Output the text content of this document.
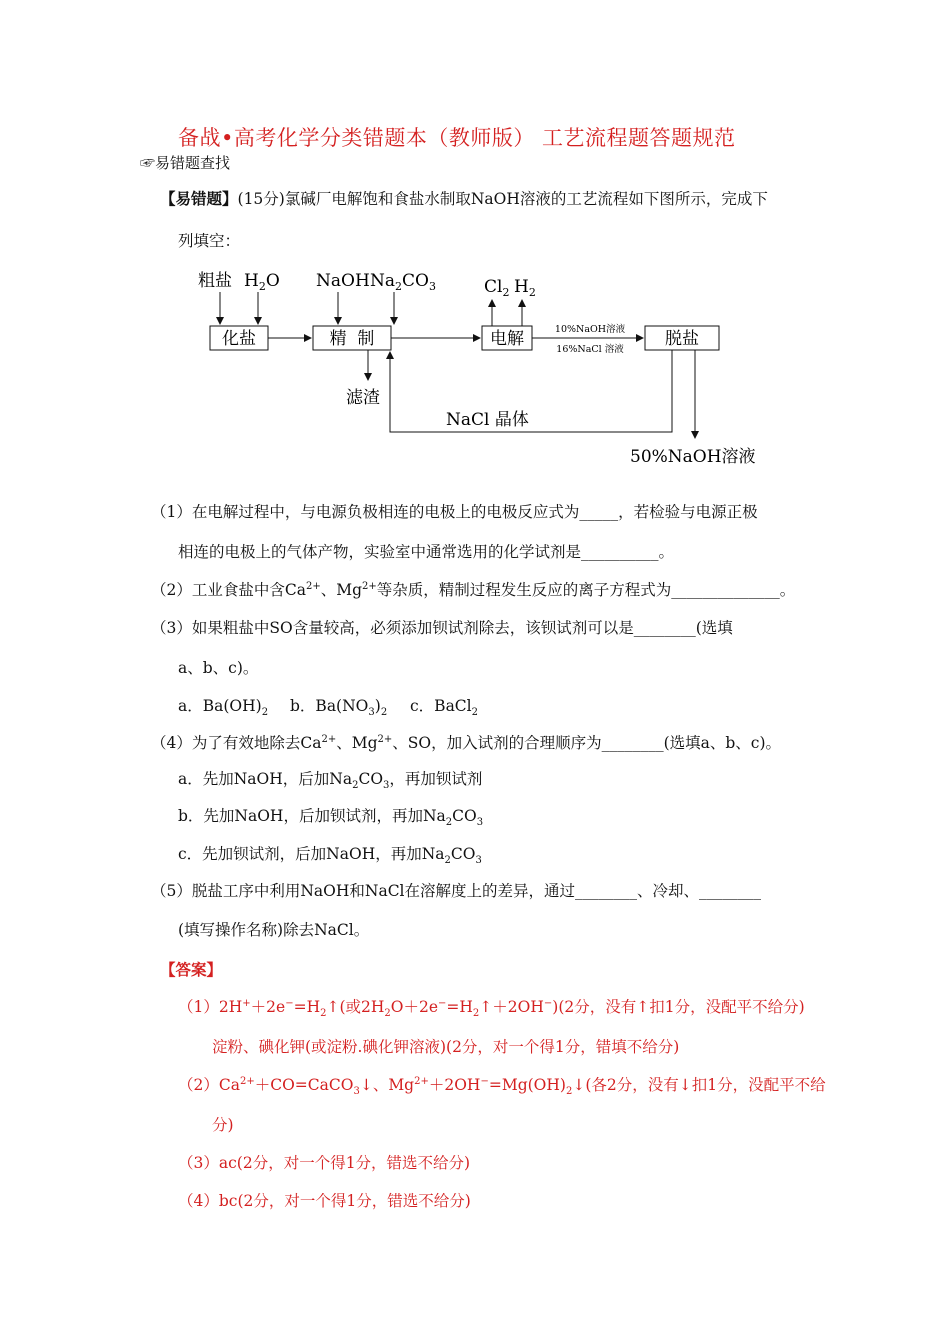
备战•高考化学分类错题本（教师版） 工艺流程题答题规范
☞易错题查找
【易错题】(15分)氯碱厂电解饱和食盐水制取NaOH溶液的工艺流程如下图所示，完成下
列填空：
粗盐 $H_2O$ NaOH $Na_2CO_3$	$Cl_2$ $H_2$
化盐	精  制	电解	脱盐
10%NaOH溶液
16%NaCl 溶液
滤渣
NaCl 晶体
50%NaOH溶液
（1）在电解过程中，与电源负极相连的电极上的电极反应式为_____，若检验与电源正极
相连的电极上的气体产物，实验室中通常选用的化学试剂是__________。
（2）工业食盐中含$Ca^{2+}$、$Mg^{2+}$等杂质，精制过程发生反应的离子方程式为______________。
（3）如果粗盐中SO含量较高，必须添加钡试剂除去，该钡试剂可以是________(选填
a、b、c)。
a．$Ba(OH)_2$ b．$Ba(NO_3)_2$ c．BaCl$_2$
（4）为了有效地除去$Ca^{2+}$、$Mg^{2+}$、SO，加入试剂的合理顺序为________(选填a、b、c)。
a．先加NaOH，后加$Na_2CO_3$，再加钡试剂
b．先加NaOH，后加钡试剂，再加$Na_2CO_3$
c．先加钡试剂，后加NaOH，再加$Na_2CO_3$
（5）脱盐工序中利用NaOH和NaCl在溶解度上的差异，通过________、冷却、________
(填写操作名称)除去NaCl。
【答案】
$(1)2H^++2e^-=H_2↑$(或$2H_2O+2e^-=H_2↑+2OH^-)(2$分，没有↑扣1分，没配平不给分)
淀粉、碘化钾(或淀粉.碘化钾溶液)(2分，对一个得1分，错填不给分)
$(2)Ca^{2+}+CO=CaCO_3↓$、$Mg^{2+}+2OH^-=Mg(OH)_2↓$(各2分，没有↓扣1分，没配平不给
分)
（3）ac(2分，对一个得1分，错选不给分)
（4）bc(2分，对一个得1分，错选不给分)
